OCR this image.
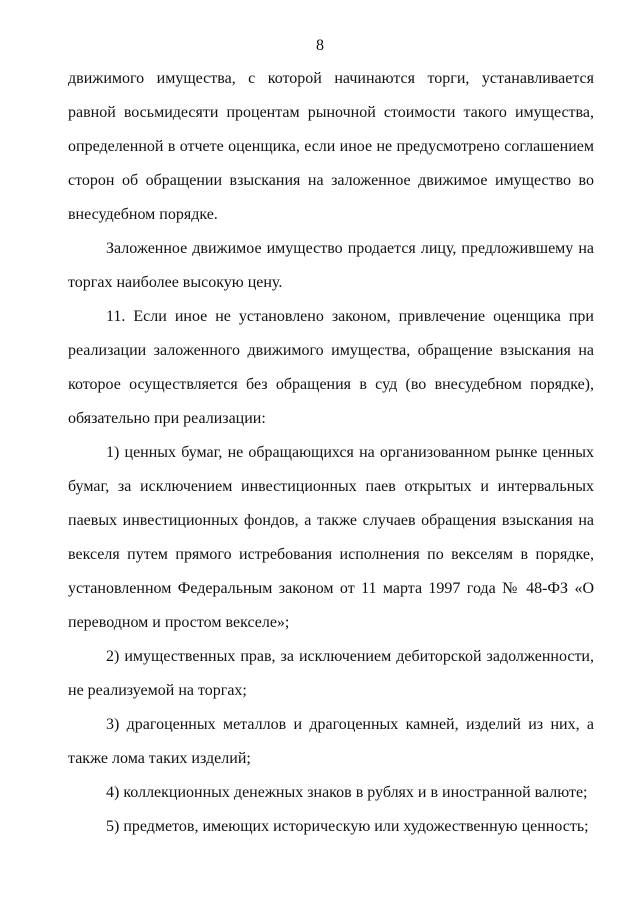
8

движимого имущества, с которой начинаются торги, устанавливается равной восьмидесяти процентам рыночной стоимости такого имущества, определенной в отчете оценщика, если иное не предусмотрено соглашением сторон об обращении взыскания на заложенное движимое имущество во внесудебном порядке.

Заложенное движимое имущество продается лицу, предложившему на торгах наиболее высокую цену.

11. Если иное не установлено законом, привлечение оценщика при реализации заложенного движимого имущества, обращение взыскания на которое осуществляется без обращения в суд (во внесудебном порядке), обязательно при реализации:

1) ценных бумаг, не обращающихся на организованном рынке ценных бумаг, за исключением инвестиционных паев открытых и интервальных паевых инвестиционных фондов, а также случаев обращения взыскания на векселя путем прямого истребования исполнения по векселям в порядке, установленном Федеральным законом от 11 марта 1997 года № 48-ФЗ «О переводном и простом векселе»;

2) имущественных прав, за исключением дебиторской задолженности, не реализуемой на торгах;

3) драгоценных металлов и драгоценных камней, изделий из них, а также лома таких изделий;

4) коллекционных денежных знаков в рублях и в иностранной валюте;

5) предметов, имеющих историческую или художественную ценность;
